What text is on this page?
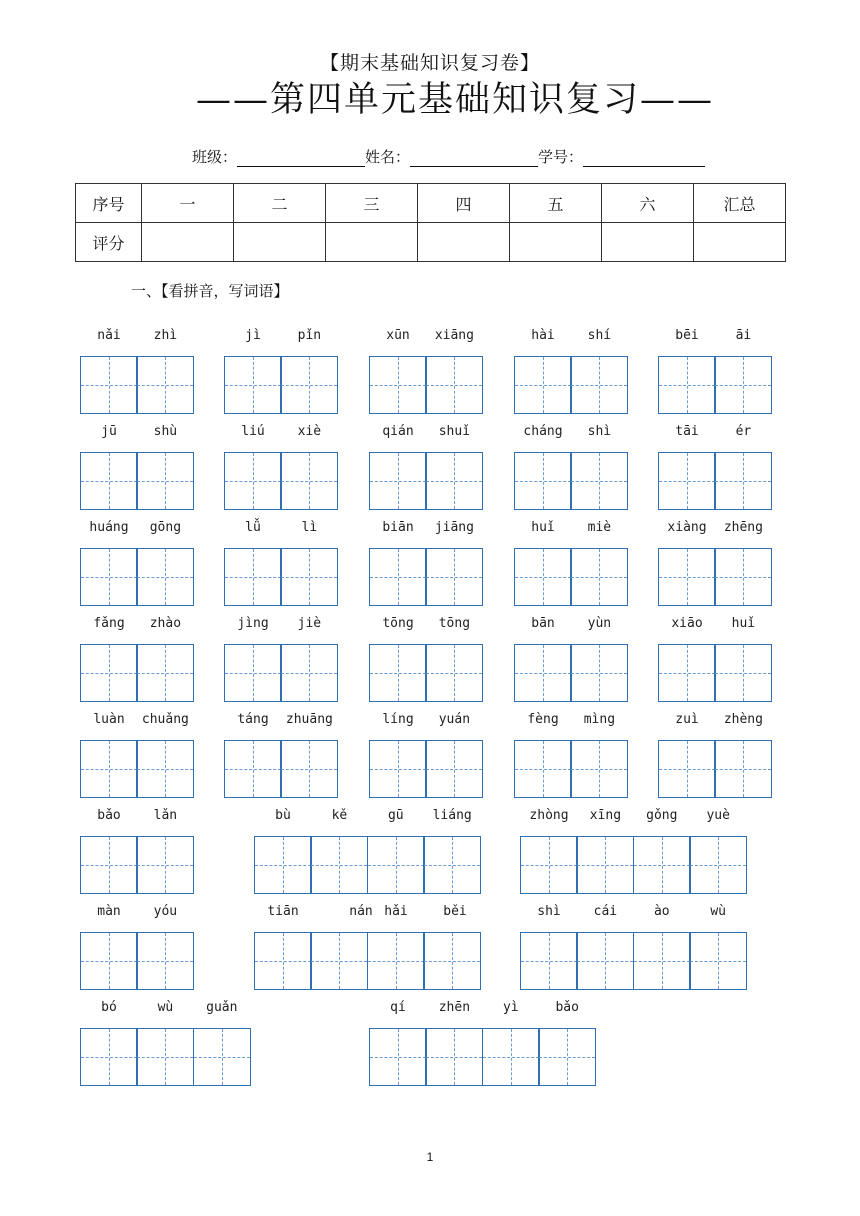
【期末基础知识复习卷】
——第四单元基础知识复习——
班级：	姓名：	学号：
序号	一	二	三	四	五	六	汇总
评分							
一、【看拼音，写词语】
nǎi	zhì	jì	pǐn	xūn	xiāng	hài	shí	bēi	āi
jū	shù	liú	xiè	qián	shuǐ	cháng	shì	tāi	ér
huáng	gōng	lǚ	lì	biān	jiāng	huǐ	miè	xiàng	zhēng
fǎng	zhào	jìng	jiè	tōng	tōng	bān	yùn	xiāo	huǐ
luàn	chuǎng	táng	zhuāng	líng	yuán	fèng	mìng	zuì	zhèng
bǎo	lǎn	bù	kě	gū	liáng	zhòng	xīng	gǒng	yuè
màn	yóu	tiān	nán hǎi	běi	shì	cái	ào	wù
bó	wù	guǎn	qí	zhēn	yì	bǎo
1
